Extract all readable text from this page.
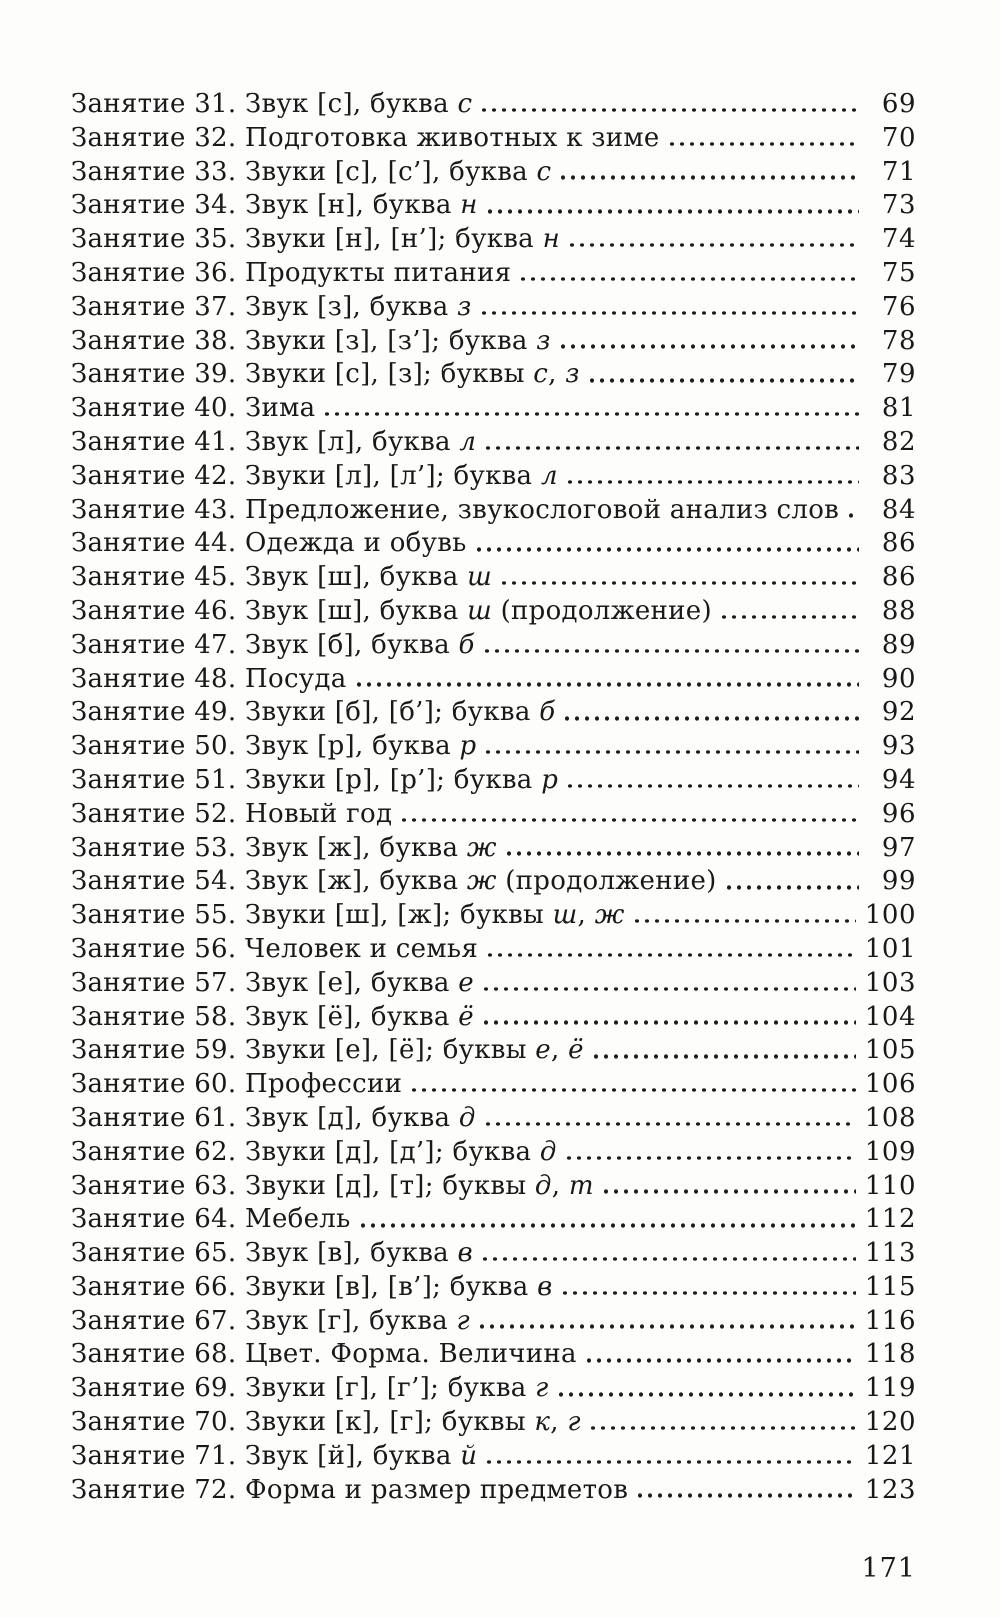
Занятие 31. Звук [с], буква с	69
Занятие 32. Подготовка животных к зиме	70
Занятие 33. Звуки [с], [с’], буква с	71
Занятие 34. Звук [н], буква н	73
Занятие 35. Звуки [н], [н’]; буква н	74
Занятие 36. Продукты питания	75
Занятие 37. Звук [з], буква з	76
Занятие 38. Звуки [з], [з’]; буква з	78
Занятие 39. Звуки [с], [з]; буквы с, з	79
Занятие 40. Зима	81
Занятие 41. Звук [л], буква л	82
Занятие 42. Звуки [л], [л’]; буква л	83
Занятие 43. Предложение, звукослоговой анализ слов	84
Занятие 44. Одежда и обувь	86
Занятие 45. Звук [ш], буква ш	86
Занятие 46. Звук [ш], буква ш (продолжение)	88
Занятие 47. Звук [б], буква б	89
Занятие 48. Посуда	90
Занятие 49. Звуки [б], [б’]; буква б	92
Занятие 50. Звук [р], буква р	93
Занятие 51. Звуки [р], [р’]; буква р	94
Занятие 52. Новый год	96
Занятие 53. Звук [ж], буква ж	97
Занятие 54. Звук [ж], буква ж (продолжение)	99
Занятие 55. Звуки [ш], [ж]; буквы ш, ж	100
Занятие 56. Человек и семья	101
Занятие 57. Звук [е], буква е	103
Занятие 58. Звук [ё], буква ё	104
Занятие 59. Звуки [е], [ё]; буквы е, ё	105
Занятие 60. Профессии	106
Занятие 61. Звук [д], буква д	108
Занятие 62. Звуки [д], [д’]; буква д	109
Занятие 63. Звуки [д], [т]; буквы д, т	110
Занятие 64. Мебель	112
Занятие 65. Звук [в], буква в	113
Занятие 66. Звуки [в], [в’]; буква в	115
Занятие 67. Звук [г], буква г	116
Занятие 68. Цвет. Форма. Величина	118
Занятие 69. Звуки [г], [г’]; буква г	119
Занятие 70. Звуки [к], [г]; буквы к, г	120
Занятие 71. Звук [й], буква й	121
Занятие 72. Форма и размер предметов	123
171
